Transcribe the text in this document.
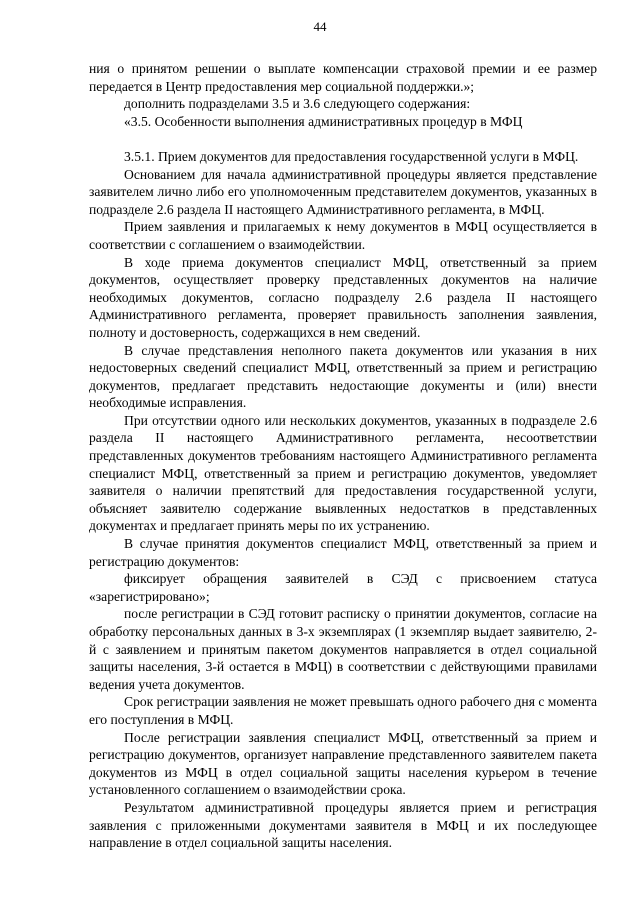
44

ния о принятом решении о выплате компенсации страховой премии и ее размер передается в Центр предоставления мер социальной поддержки.»;

дополнить подразделами 3.5 и 3.6 следующего содержания:

«3.5. Особенности выполнения административных процедур в МФЦ

3.5.1. Прием документов для предоставления государственной услуги в МФЦ.

Основанием для начала административной процедуры является представление заявителем лично либо его уполномоченным представителем документов, указанных в подразделе 2.6 раздела II настоящего Административного регламента, в МФЦ.

Прием заявления и прилагаемых к нему документов в МФЦ осуществляется в соответствии с соглашением о взаимодействии.

В ходе приема документов специалист МФЦ, ответственный за прием документов, осуществляет проверку представленных документов на наличие необходимых документов, согласно подразделу 2.6 раздела II настоящего Административного регламента, проверяет правильность заполнения заявления, полноту и достоверность, содержащихся в нем сведений.

В случае представления неполного пакета документов или указания в них недостоверных сведений специалист МФЦ, ответственный за прием и регистрацию документов, предлагает представить недостающие документы и (или) внести необходимые исправления.

При отсутствии одного или нескольких документов, указанных в подразделе 2.6 раздела II настоящего Административного регламента, несоответствии представленных документов требованиям настоящего Административного регламента специалист МФЦ, ответственный за прием и регистрацию документов, уведомляет заявителя о наличии препятствий для предоставления государственной услуги, объясняет заявителю содержание выявленных недостатков в представленных документах и предлагает принять меры по их устранению.

В случае принятия документов специалист МФЦ, ответственный за прием и регистрацию документов:

фиксирует обращения заявителей в СЭД с присвоением статуса «зарегистрировано»;

после регистрации в СЭД готовит расписку о принятии документов, согласие на обработку персональных данных в 3-х экземплярах (1 экземпляр выдает заявителю, 2-й с заявлением и принятым пакетом документов направляется в отдел социальной защиты населения, 3-й остается в МФЦ) в соответствии с действующими правилами ведения учета документов.

Срок регистрации заявления не может превышать одного рабочего дня с момента его поступления в МФЦ.

После регистрации заявления специалист МФЦ, ответственный за прием и регистрацию документов, организует направление представленного заявителем пакета документов из МФЦ в отдел социальной защиты населения курьером в течение установленного соглашением о взаимодействии срока.

Результатом административной процедуры является прием и регистрация заявления с приложенными документами заявителя в МФЦ и их последующее направление в отдел социальной защиты населения.
